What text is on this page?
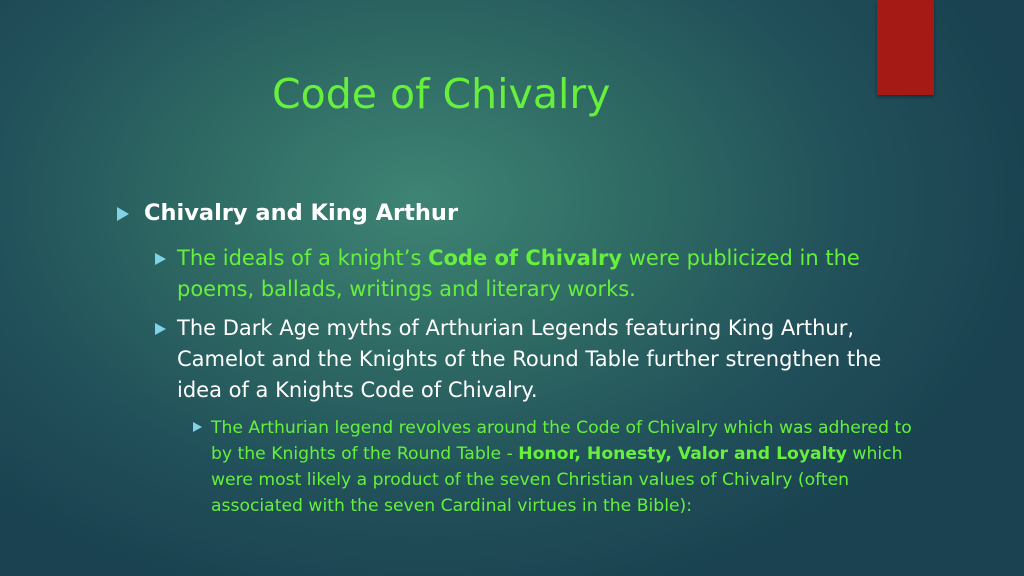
Code of Chivalry
Chivalry and King Arthur
The ideals of a knight’s Code of Chivalry were publicized in the poems, ballads, writings and literary works.
The Dark Age myths of Arthurian Legends featuring King Arthur, Camelot and the Knights of the Round Table further strengthen the idea of a Knights Code of Chivalry.
The Arthurian legend revolves around the Code of Chivalry which was adhered to by the Knights of the Round Table - Honor, Honesty, Valor and Loyalty which were most likely a product of the seven Christian values of Chivalry (often associated with the seven Cardinal virtues in the Bible):
